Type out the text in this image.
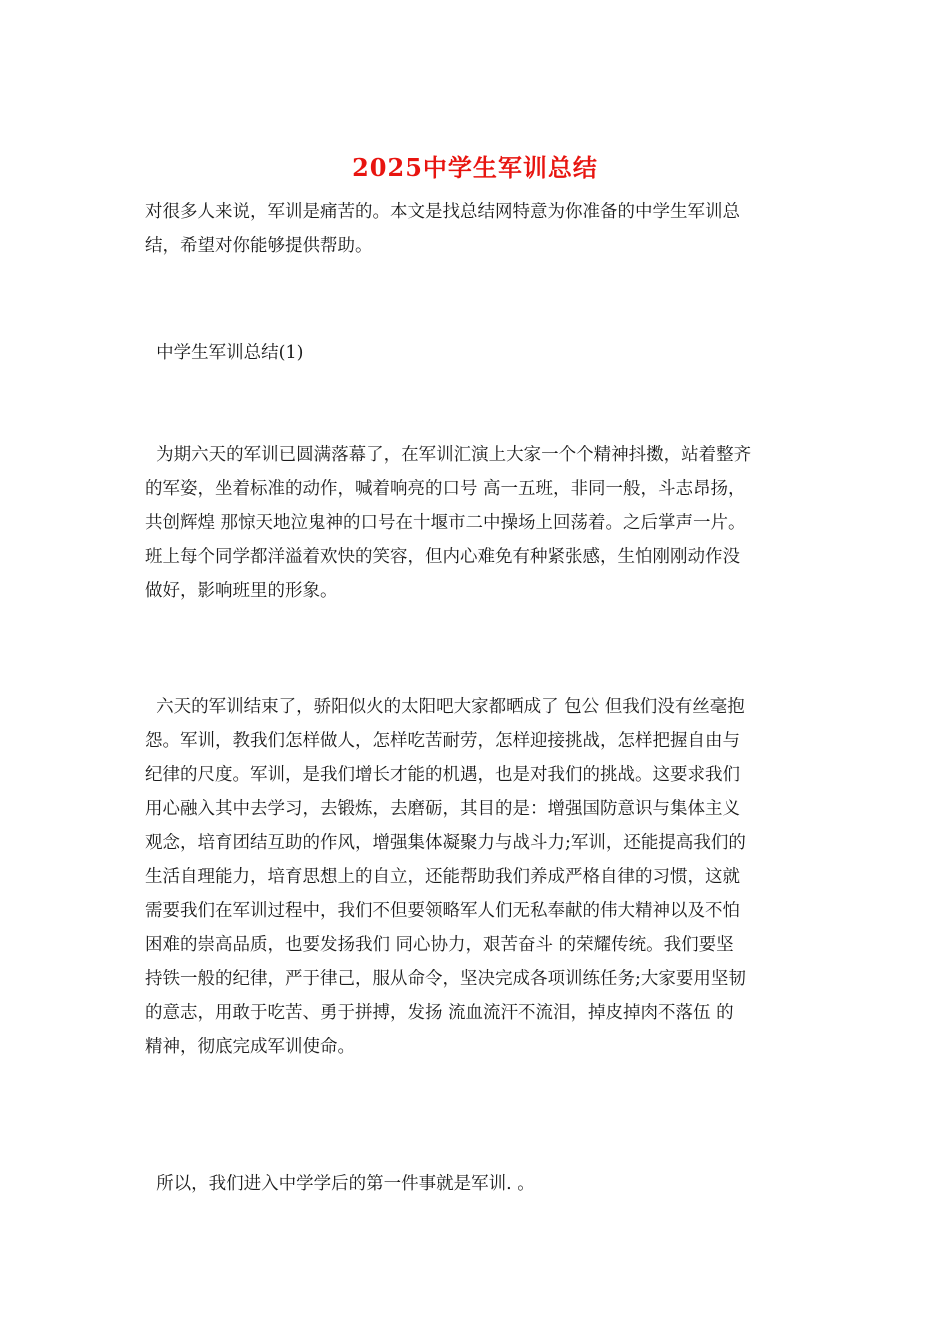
2025中学生军训总结
对很多人来说，军训是痛苦的。本文是找总结网特意为你准备的中学生军训总
结，希望对你能够提供帮助。
中学生军训总结(1)
为期六天的军训已圆满落幕了，在军训汇演上大家一个个精神抖擞，站着整齐
的军姿，坐着标准的动作，喊着响亮的口号 高一五班，非同一般，斗志昂扬，
共创辉煌 那惊天地泣鬼神的口号在十堰市二中操场上回荡着。之后掌声一片。
班上每个同学都洋溢着欢快的笑容，但内心难免有种紧张感，生怕刚刚动作没
做好，影响班里的形象。
六天的军训结束了，骄阳似火的太阳吧大家都晒成了 包公 但我们没有丝毫抱
怨。军训，教我们怎样做人，怎样吃苦耐劳，怎样迎接挑战，怎样把握自由与
纪律的尺度。军训，是我们增长才能的机遇，也是对我们的挑战。这要求我们
用心融入其中去学习，去锻炼，去磨砺，其目的是：增强国防意识与集体主义
观念，培育团结互助的作风，增强集体凝聚力与战斗力;军训，还能提高我们的
生活自理能力，培育思想上的自立，还能帮助我们养成严格自律的习惯，这就
需要我们在军训过程中，我们不但要领略军人们无私奉献的伟大精神以及不怕
困难的崇高品质，也要发扬我们 同心协力，艰苦奋斗 的荣耀传统。我们要坚
持铁一般的纪律，严于律己，服从命令，坚决完成各项训练任务;大家要用坚韧
的意志，用敢于吃苦、勇于拼搏，发扬 流血流汗不流泪，掉皮掉肉不落伍 的
精神，彻底完成军训使命。
所以，我们进入中学学后的第一件事就是军训. 。
